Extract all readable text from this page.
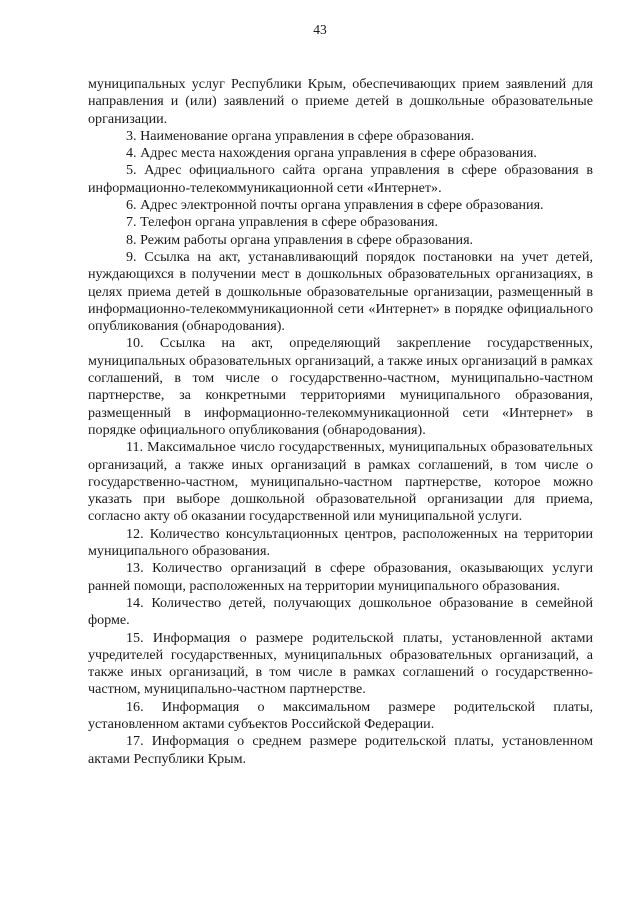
43

муниципальных услуг Республики Крым, обеспечивающих прием заявлений для направления и (или) заявлений о приеме детей в дошкольные образовательные организации.

3. Наименование органа управления в сфере образования.

4. Адрес места нахождения органа управления в сфере образования.

5. Адрес официального сайта органа управления в сфере образования в информационно-телекоммуникационной сети «Интернет».

6. Адрес электронной почты органа управления в сфере образования.

7. Телефон органа управления в сфере образования.

8. Режим работы органа управления в сфере образования.

9. Ссылка на акт, устанавливающий порядок постановки на учет детей, нуждающихся в получении мест в дошкольных образовательных организациях, в целях приема детей в дошкольные образовательные организации, размещенный в информационно-телекоммуникационной сети «Интернет» в порядке официального опубликования (обнародования).

10. Ссылка на акт, определяющий закрепление государственных, муниципальных образовательных организаций, а также иных организаций в рамках соглашений, в том числе о государственно-частном, муниципально-частном партнерстве, за конкретными территориями муниципального образования, размещенный в информационно-телекоммуникационной сети «Интернет» в порядке официального опубликования (обнародования).

11. Максимальное число государственных, муниципальных образовательных организаций, а также иных организаций в рамках соглашений, в том числе о государственно-частном, муниципально-частном партнерстве, которое можно указать при выборе дошкольной образовательной организации для приема, согласно акту об оказании государственной или муниципальной услуги.

12. Количество консультационных центров, расположенных на территории муниципального образования.

13. Количество организаций в сфере образования, оказывающих услуги ранней помощи, расположенных на территории муниципального образования.

14. Количество детей, получающих дошкольное образование в семейной форме.

15. Информация о размере родительской платы, установленной актами учредителей государственных, муниципальных образовательных организаций, а также иных организаций, в том числе в рамках соглашений о государственно-частном, муниципально-частном партнерстве.

16. Информация о максимальном размере родительской платы, установленном актами субъектов Российской Федерации.

17. Информация о среднем размере родительской платы, установленном актами Республики Крым.
